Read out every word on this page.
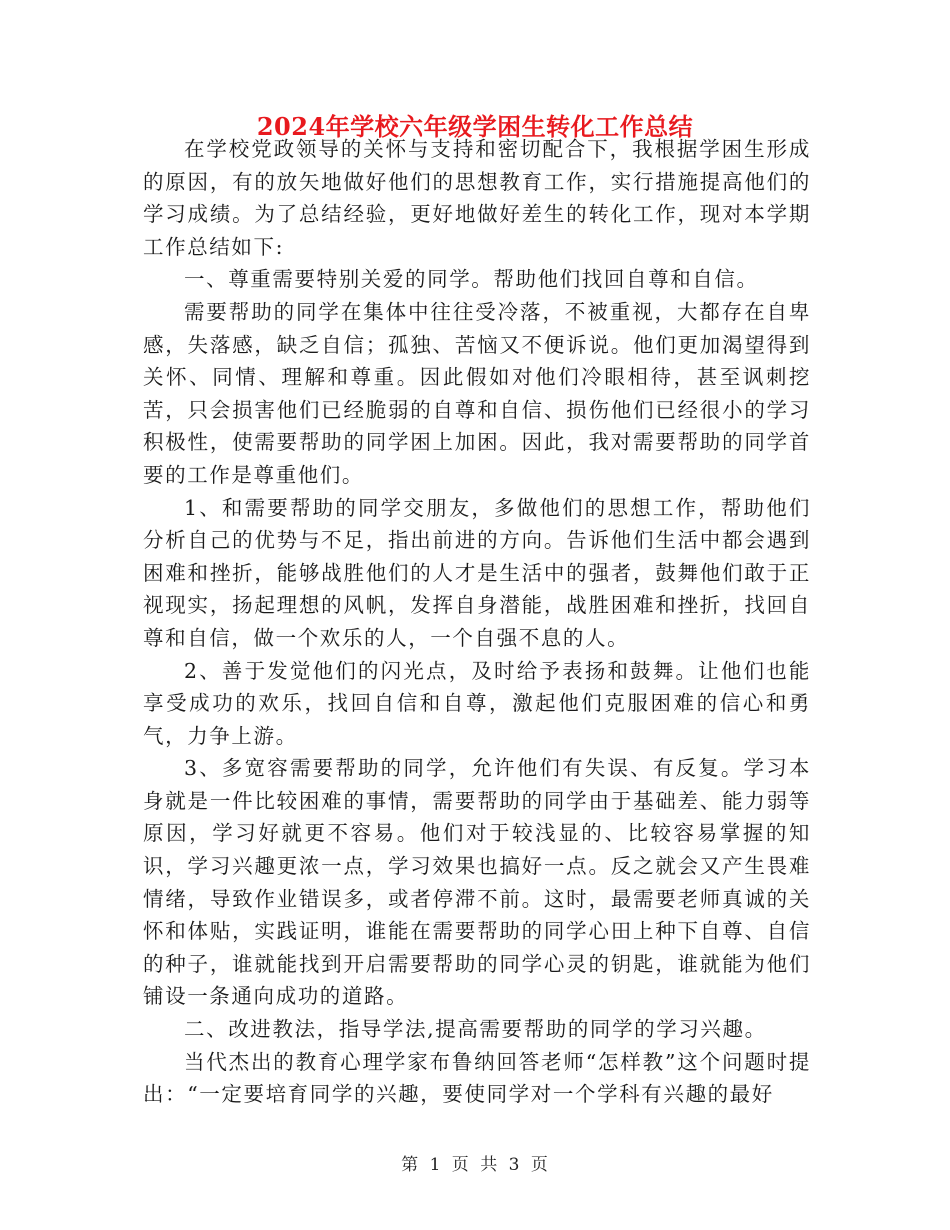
2024年学校六年级学困生转化工作总结

在学校党政领导的关怀与支持和密切配合下，我根据学困生形成的原因，有的放矢地做好他们的思想教育工作，实行措施提高他们的学习成绩。为了总结经验，更好地做好差生的转化工作，现对本学期工作总结如下:

一、尊重需要特别关爱的同学。帮助他们找回自尊和自信。

需要帮助的同学在集体中往往受冷落，不被重视，大都存在自卑感，失落感，缺乏自信；孤独、苦恼又不便诉说。他们更加渴望得到关怀、同情、理解和尊重。因此假如对他们冷眼相待，甚至讽刺挖苦，只会损害他们已经脆弱的自尊和自信、损伤他们已经很小的学习积极性，使需要帮助的同学困上加困。因此，我对需要帮助的同学首要的工作是尊重他们。

1、和需要帮助的同学交朋友，多做他们的思想工作，帮助他们分析自己的优势与不足，指出前进的方向。告诉他们生活中都会遇到困难和挫折，能够战胜他们的人才是生活中的强者，鼓舞他们敢于正视现实，扬起理想的风帆，发挥自身潜能，战胜困难和挫折，找回自尊和自信，做一个欢乐的人，一个自强不息的人。

2、善于发觉他们的闪光点，及时给予表扬和鼓舞。让他们也能享受成功的欢乐，找回自信和自尊，激起他们克服困难的信心和勇气，力争上游。

3、多宽容需要帮助的同学，允许他们有失误、有反复。学习本身就是一件比较困难的事情，需要帮助的同学由于基础差、能力弱等原因，学习好就更不容易。他们对于较浅显的、比较容易掌握的知识，学习兴趣更浓一点，学习效果也搞好一点。反之就会又产生畏难情绪，导致作业错误多，或者停滞不前。这时，最需要老师真诚的关怀和体贴，实践证明，谁能在需要帮助的同学心田上种下自尊、自信的种子，谁就能找到开启需要帮助的同学心灵的钥匙，谁就能为他们铺设一条通向成功的道路。

二、改进教法，指导学法,提高需要帮助的同学的学习兴趣。

当代杰出的教育心理学家布鲁纳回答老师“怎样教”这个问题时提出：“一定要培育同学的兴趣，要使同学对一个学科有兴趣的最好

第 1 页 共 3 页
